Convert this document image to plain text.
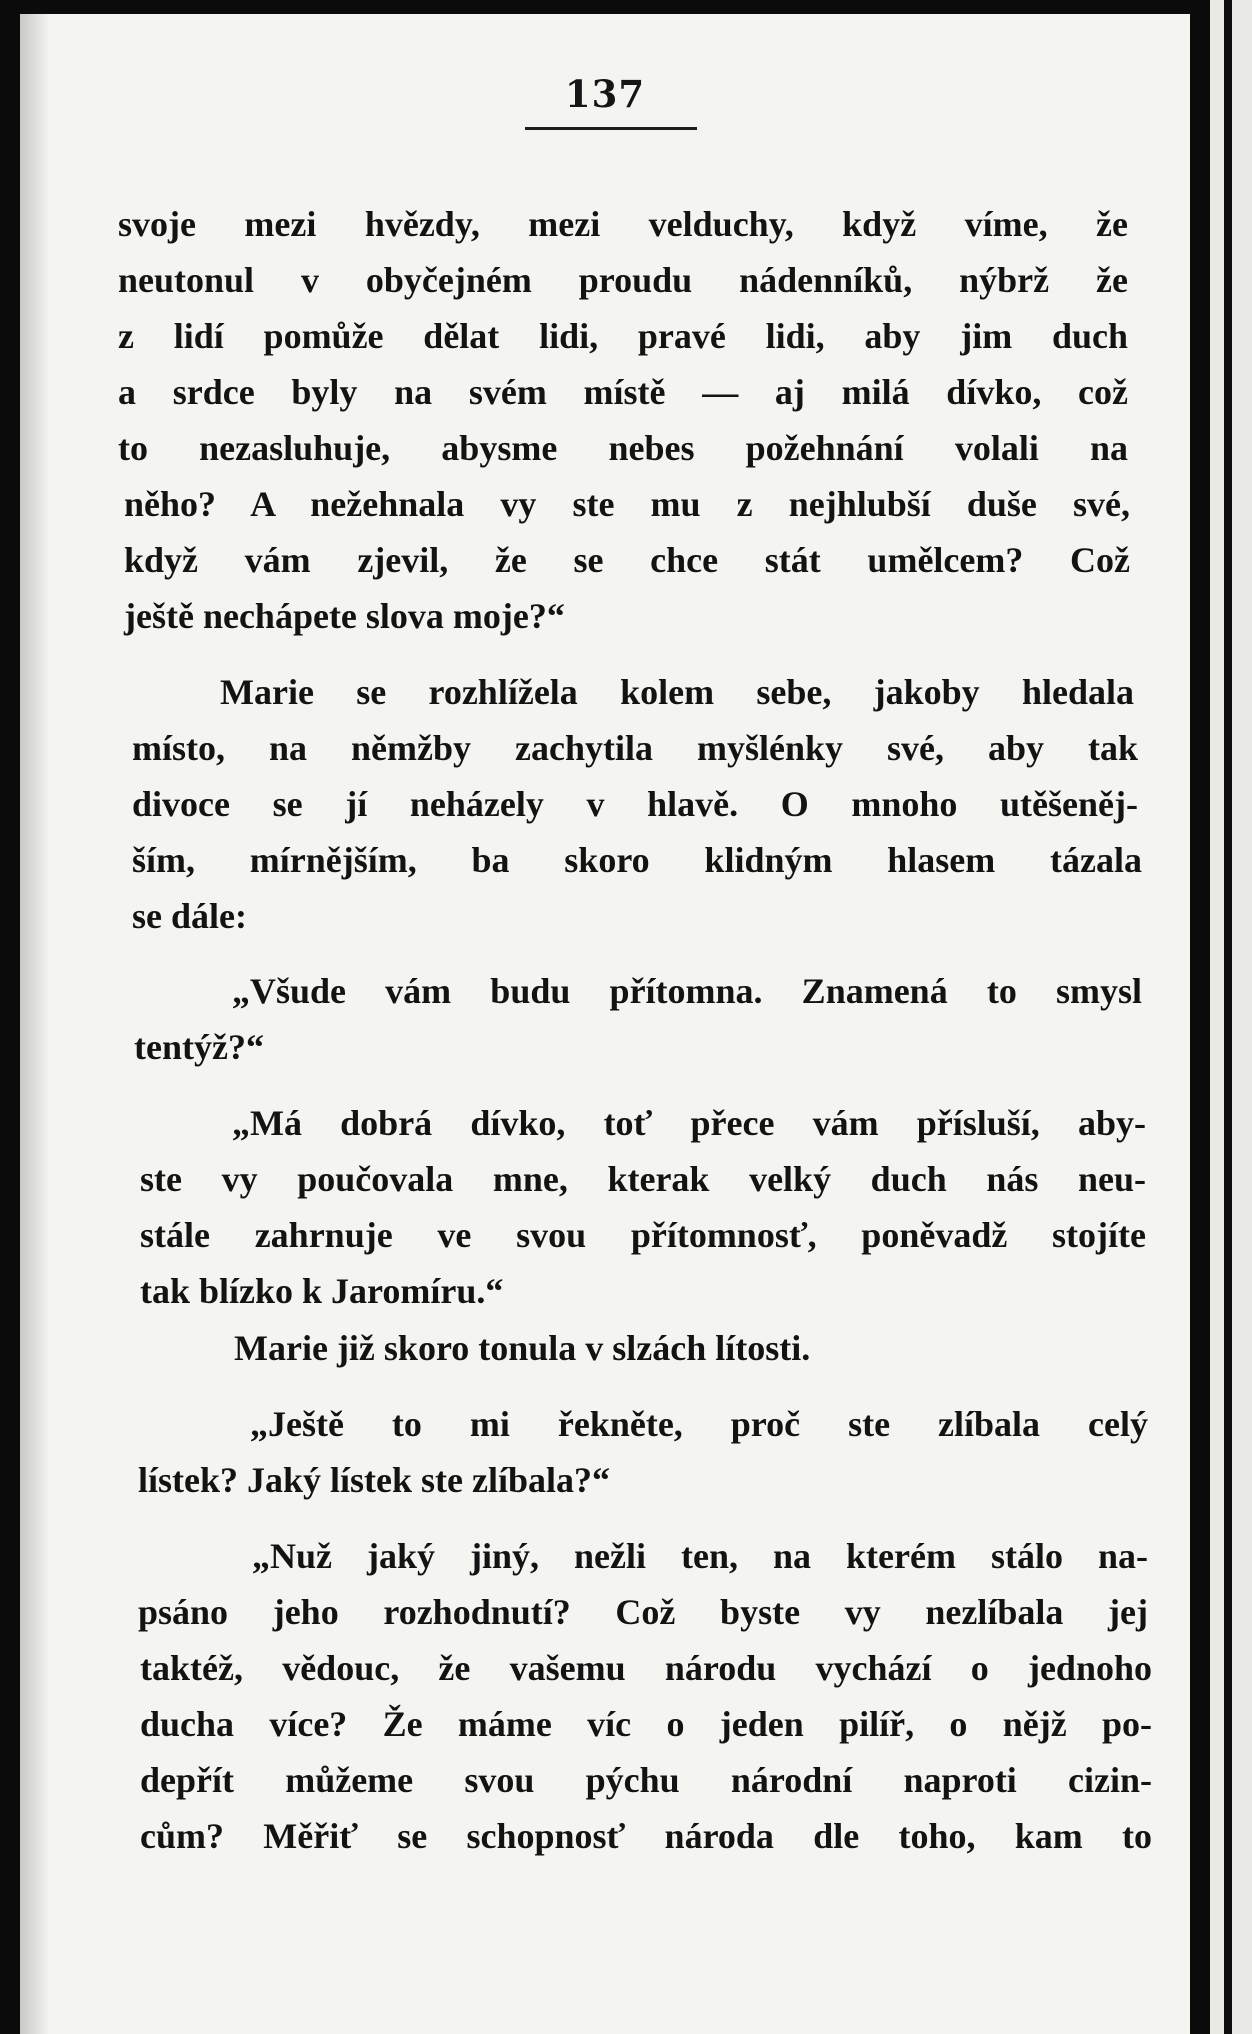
137
svoje mezi hvězdy, mezi velduchy, když víme, že
neutonul v obyčejném proudu nádenníků, nýbrž že
z lidí pomůže dělat lidi, pravé lidi, aby jim duch
a srdce byly na svém místě — aj milá dívko, což
to nezasluhuje, abysme nebes požehnání volali na
něho? A nežehnala vy ste mu z nejhlubší duše své,
když vám zjevil, že se chce stát umělcem? Což
ještě nechápete slova moje?“
Marie se rozhlížela kolem sebe, jakoby hledala
místo, na němžby zachytila myšlénky své, aby tak
divoce se jí neházely v hlavě. O mnoho utěšeněj-
ším, mírnějším, ba skoro klidným hlasem tázala
se dále:
„Všude vám budu přítomna. Znamená to smysl
tentýž?“
„Má dobrá dívko, toť přece vám přísluší, aby-
ste vy poučovala mne, kterak velký duch nás neu-
stále zahrnuje ve svou přítomnosť, poněvadž stojíte
tak blízko k Jaromíru.“
Marie již skoro tonula v slzách lítosti.
„Ještě to mi řekněte, proč ste zlíbala celý
lístek? Jaký lístek ste zlíbala?“
„Nuž jaký jiný, nežli ten, na kterém stálo na-
psáno jeho rozhodnutí? Což byste vy nezlíbala jej
taktéž, vědouc, že vašemu národu vychází o jednoho
ducha více? Že máme víc o jeden pilíř, o nějž po-
depřít můžeme svou pýchu národní naproti cizin-
cům? Měřiť se schopnosť národa dle toho, kam to
